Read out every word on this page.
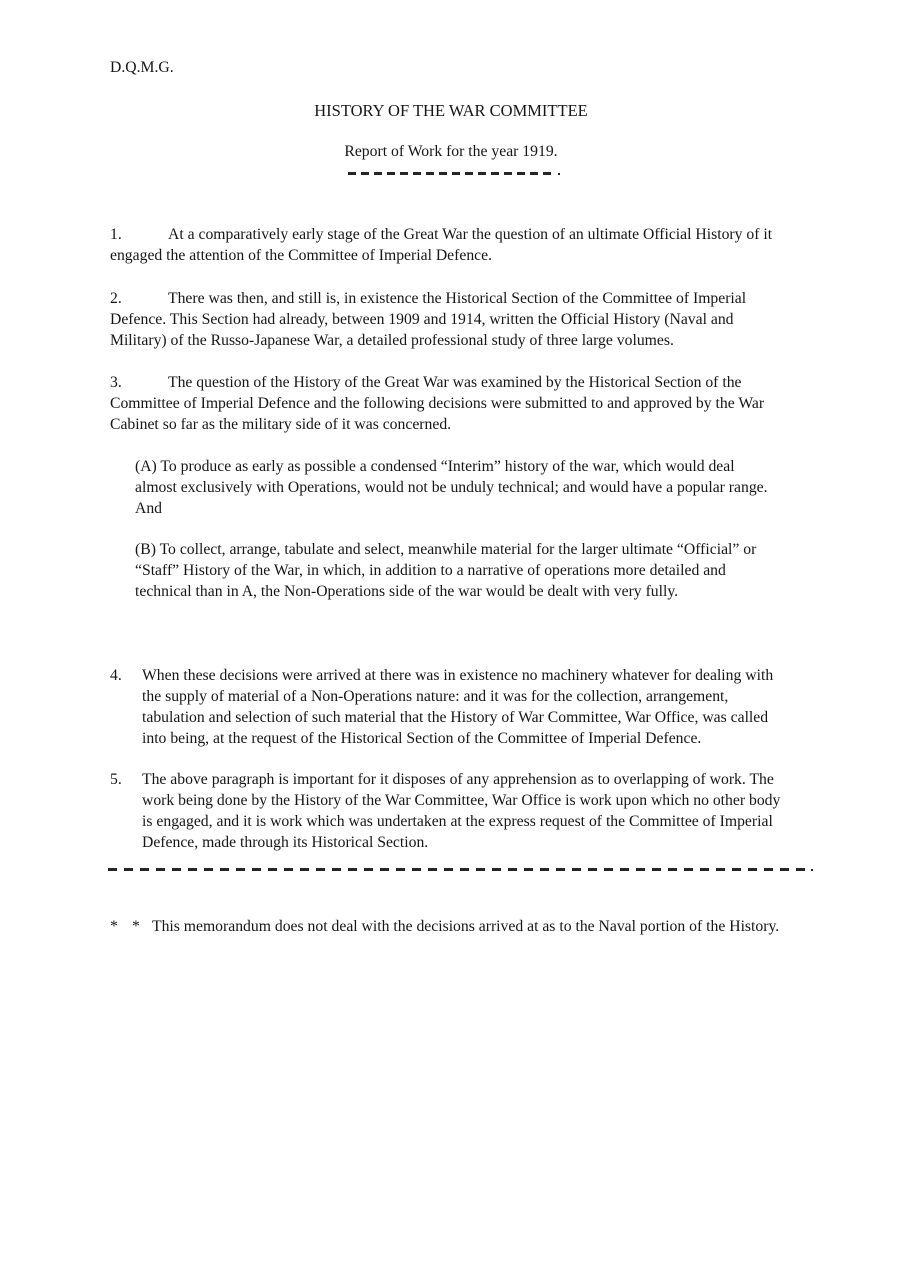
D.Q.M.G.

HISTORY OF THE WAR COMMITTEE
Report of Work for the year 1919.

1.	At a comparatively early stage of the Great War the question of an ultimate Official History of it engaged the attention of the Committee of Imperial Defence.

2.	There was then, and still is, in existence the Historical Section of the Committee of Imperial Defence. This Section had already, between 1909 and 1914, written the Official History (Naval and Military) of the Russo-Japanese War, a detailed professional study of three large volumes.

3.	The question of the History of the Great War was examined by the Historical Section of the Committee of Imperial Defence and the following decisions were submitted to and approved by the War Cabinet so far as the military side of it was concerned.

(A) To produce as early as possible a condensed “Interim” history of the war, which would deal almost exclusively with Operations, would not be unduly technical; and would have a popular range. And

(B) To collect, arrange, tabulate and select, meanwhile material for the larger ultimate “Official” or “Staff” History of the War, in which, in addition to a narrative of operations more detailed and technical than in A, the Non-Operations side of the war would be dealt with very fully.

4. When these decisions were arrived at there was in existence no machinery whatever for dealing with the supply of material of a Non-Operations nature: and it was for the collection, arrangement, tabulation and selection of such material that the History of War Committee, War Office, was called into being, at the request of the Historical Section of the Committee of Imperial Defence.

5. The above paragraph is important for it disposes of any apprehension as to overlapping of work. The work being done by the History of the War Committee, War Office is work upon which no other body is engaged, and it is work which was undertaken at the express request of the Committee of Imperial Defence, made through its Historical Section.

* * This memorandum does not deal with the decisions arrived at as to the Naval portion of the History.
